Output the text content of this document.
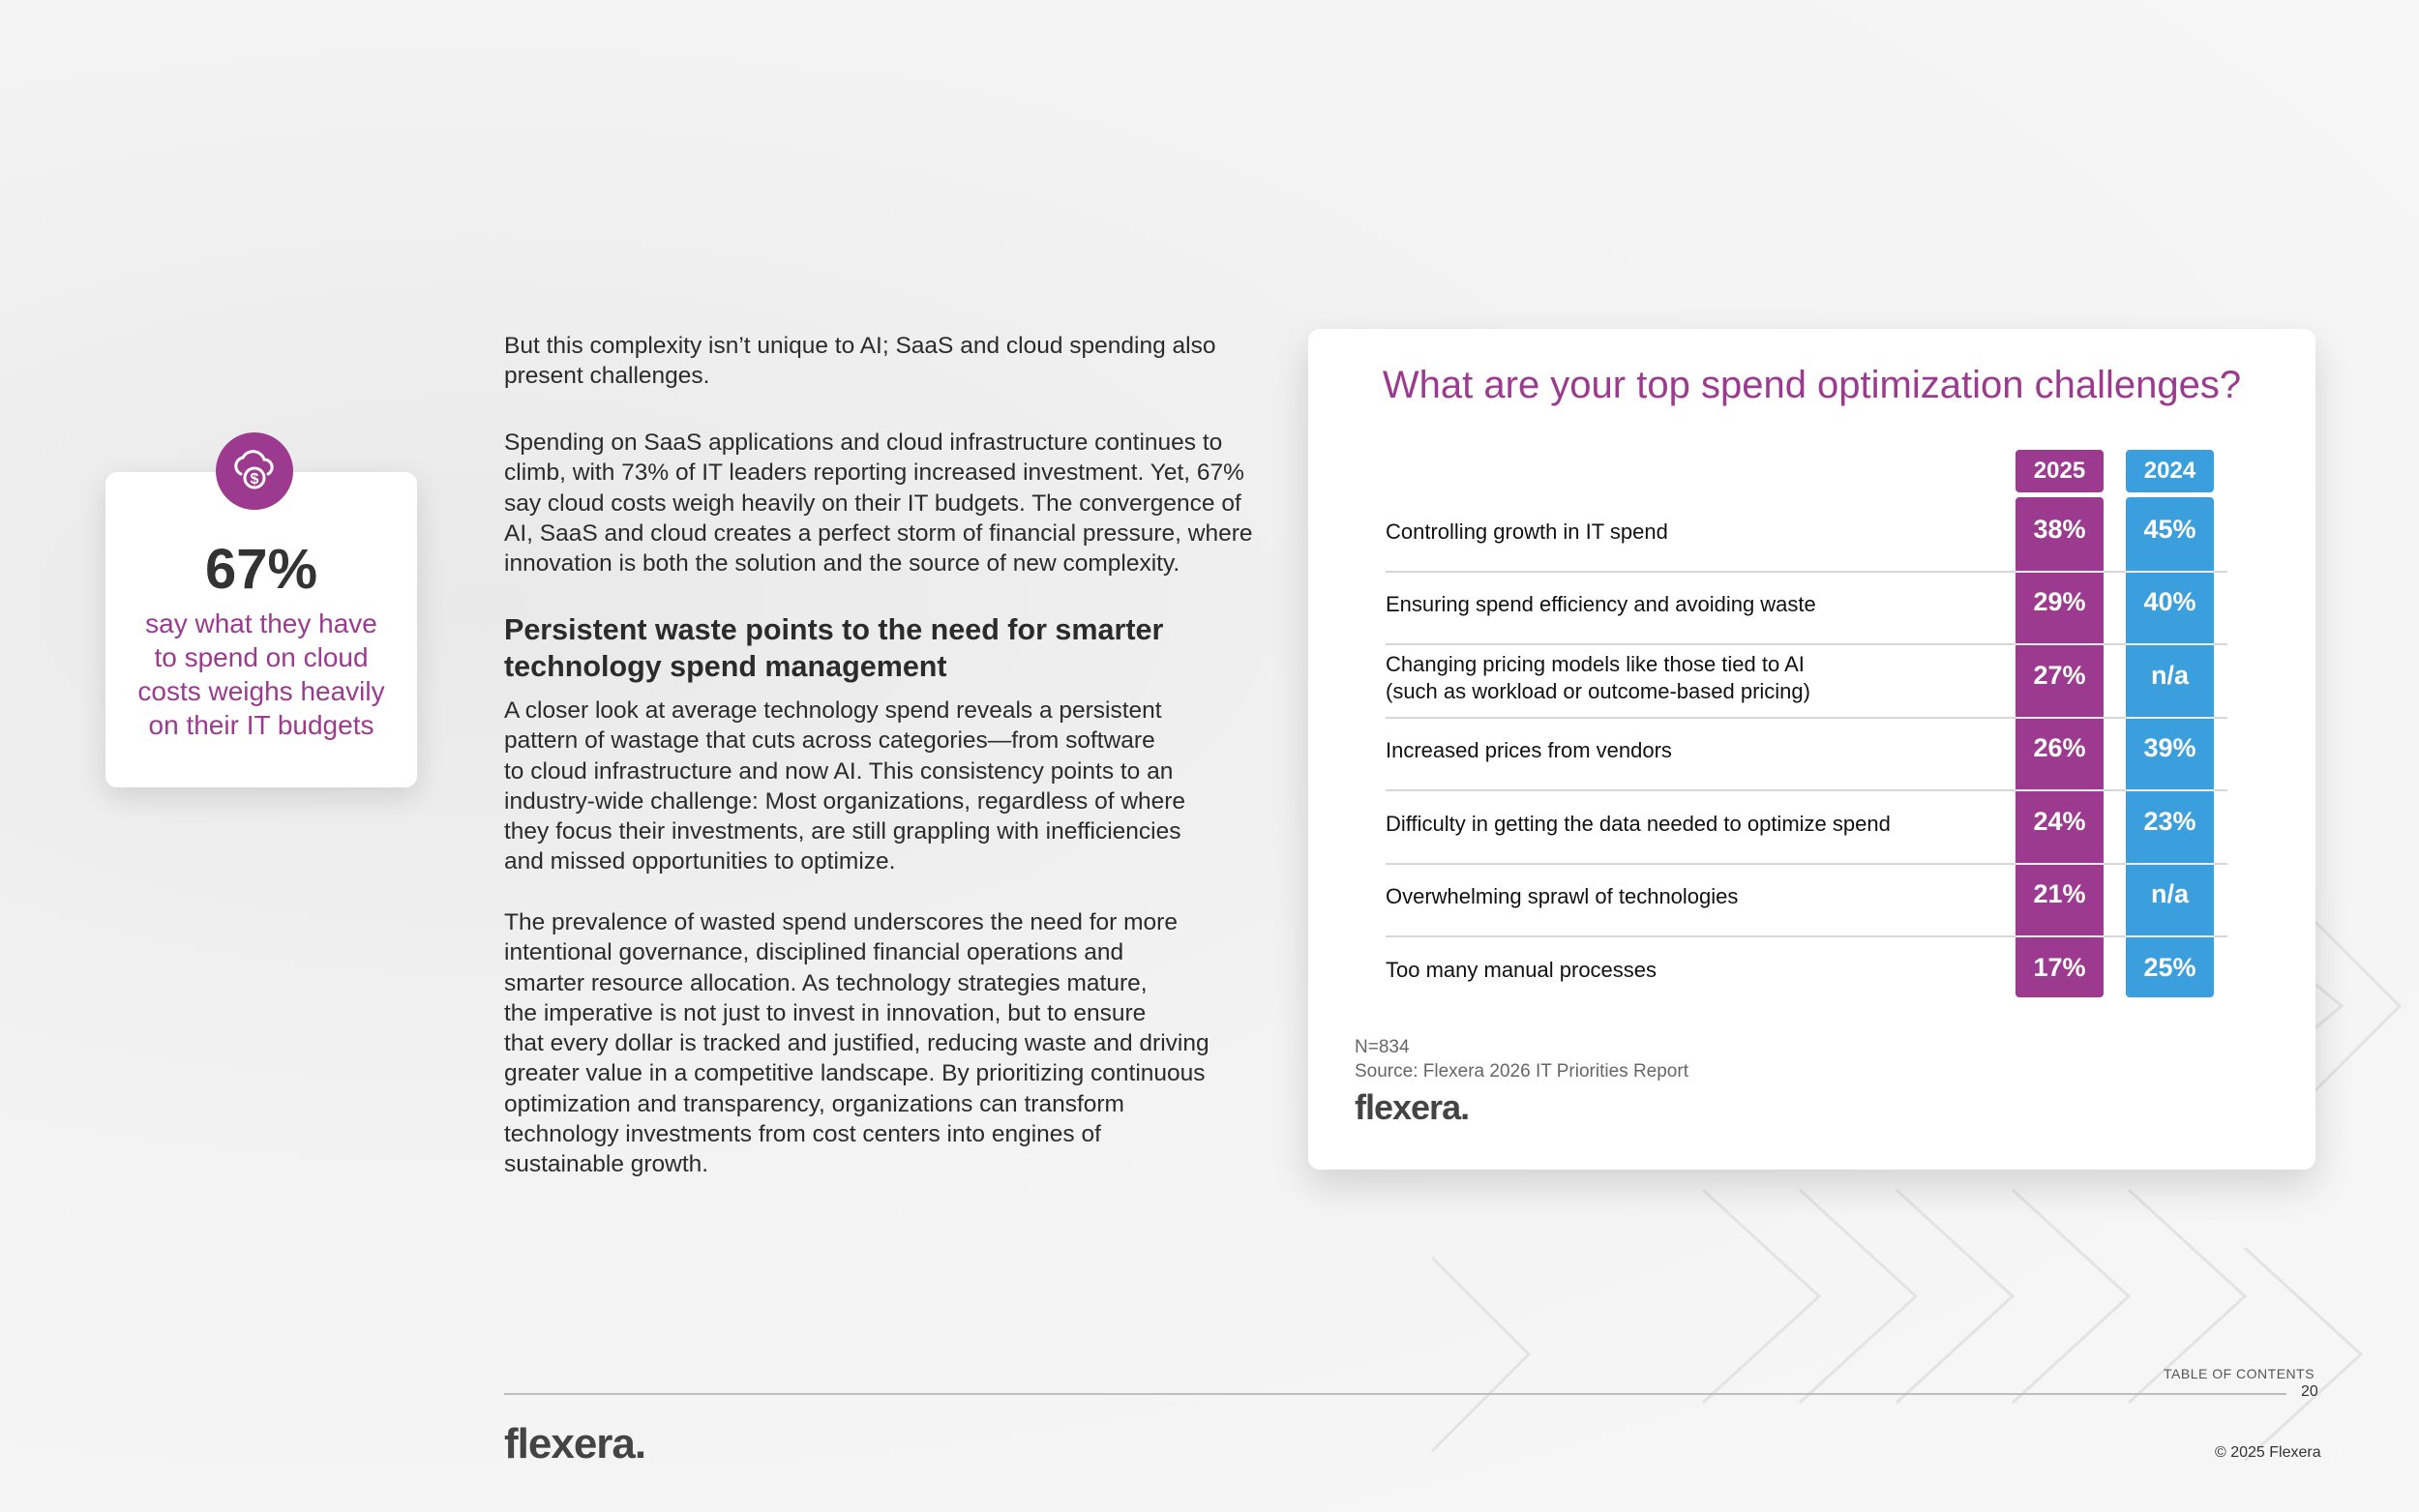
$
67%
say what they have
to spend on cloud
costs weighs heavily
on their IT budgets

But this complexity isn’t unique to AI; SaaS and cloud spending also
present challenges.

Spending on SaaS applications and cloud infrastructure continues to
climb, with 73% of IT leaders reporting increased investment. Yet, 67%
say cloud costs weigh heavily on their IT budgets. The convergence of
AI, SaaS and cloud creates a perfect storm of financial pressure, where
innovation is both the solution and the source of new complexity.

Persistent waste points to the need for smarter
technology spend management

A closer look at average technology spend reveals a persistent
pattern of wastage that cuts across categories—from software
to cloud infrastructure and now AI. This consistency points to an
industry-wide challenge: Most organizations, regardless of where
they focus their investments, are still grappling with inefficiencies
and missed opportunities to optimize.

The prevalence of wasted spend underscores the need for more
intentional governance, disciplined financial operations and
smarter resource allocation. As technology strategies mature,
the imperative is not just to invest in innovation, but to ensure
that every dollar is tracked and justified, reducing waste and driving
greater value in a competitive landscape. By prioritizing continuous
optimization and transparency, organizations can transform
technology investments from cost centers into engines of
sustainable growth.

What are your top spend optimization challenges?
2025	2024
Controlling growth in IT spend	38%	45%
Ensuring spend efficiency and avoiding waste	29%	40%
Changing pricing models like those tied to AI
(such as workload or outcome-based pricing)
27%	n/a
Increased prices from vendors	26%	39%
Difficulty in getting the data needed to optimize spend	24%	23%
Overwhelming sprawl of technologies	21%	n/a
Too many manual processes	17%	25%
N=834
Source: Flexera 2026 IT Priorities Report
flexera.
TABLE OF CONTENTS
20
flexera.	© 2025 Flexera
